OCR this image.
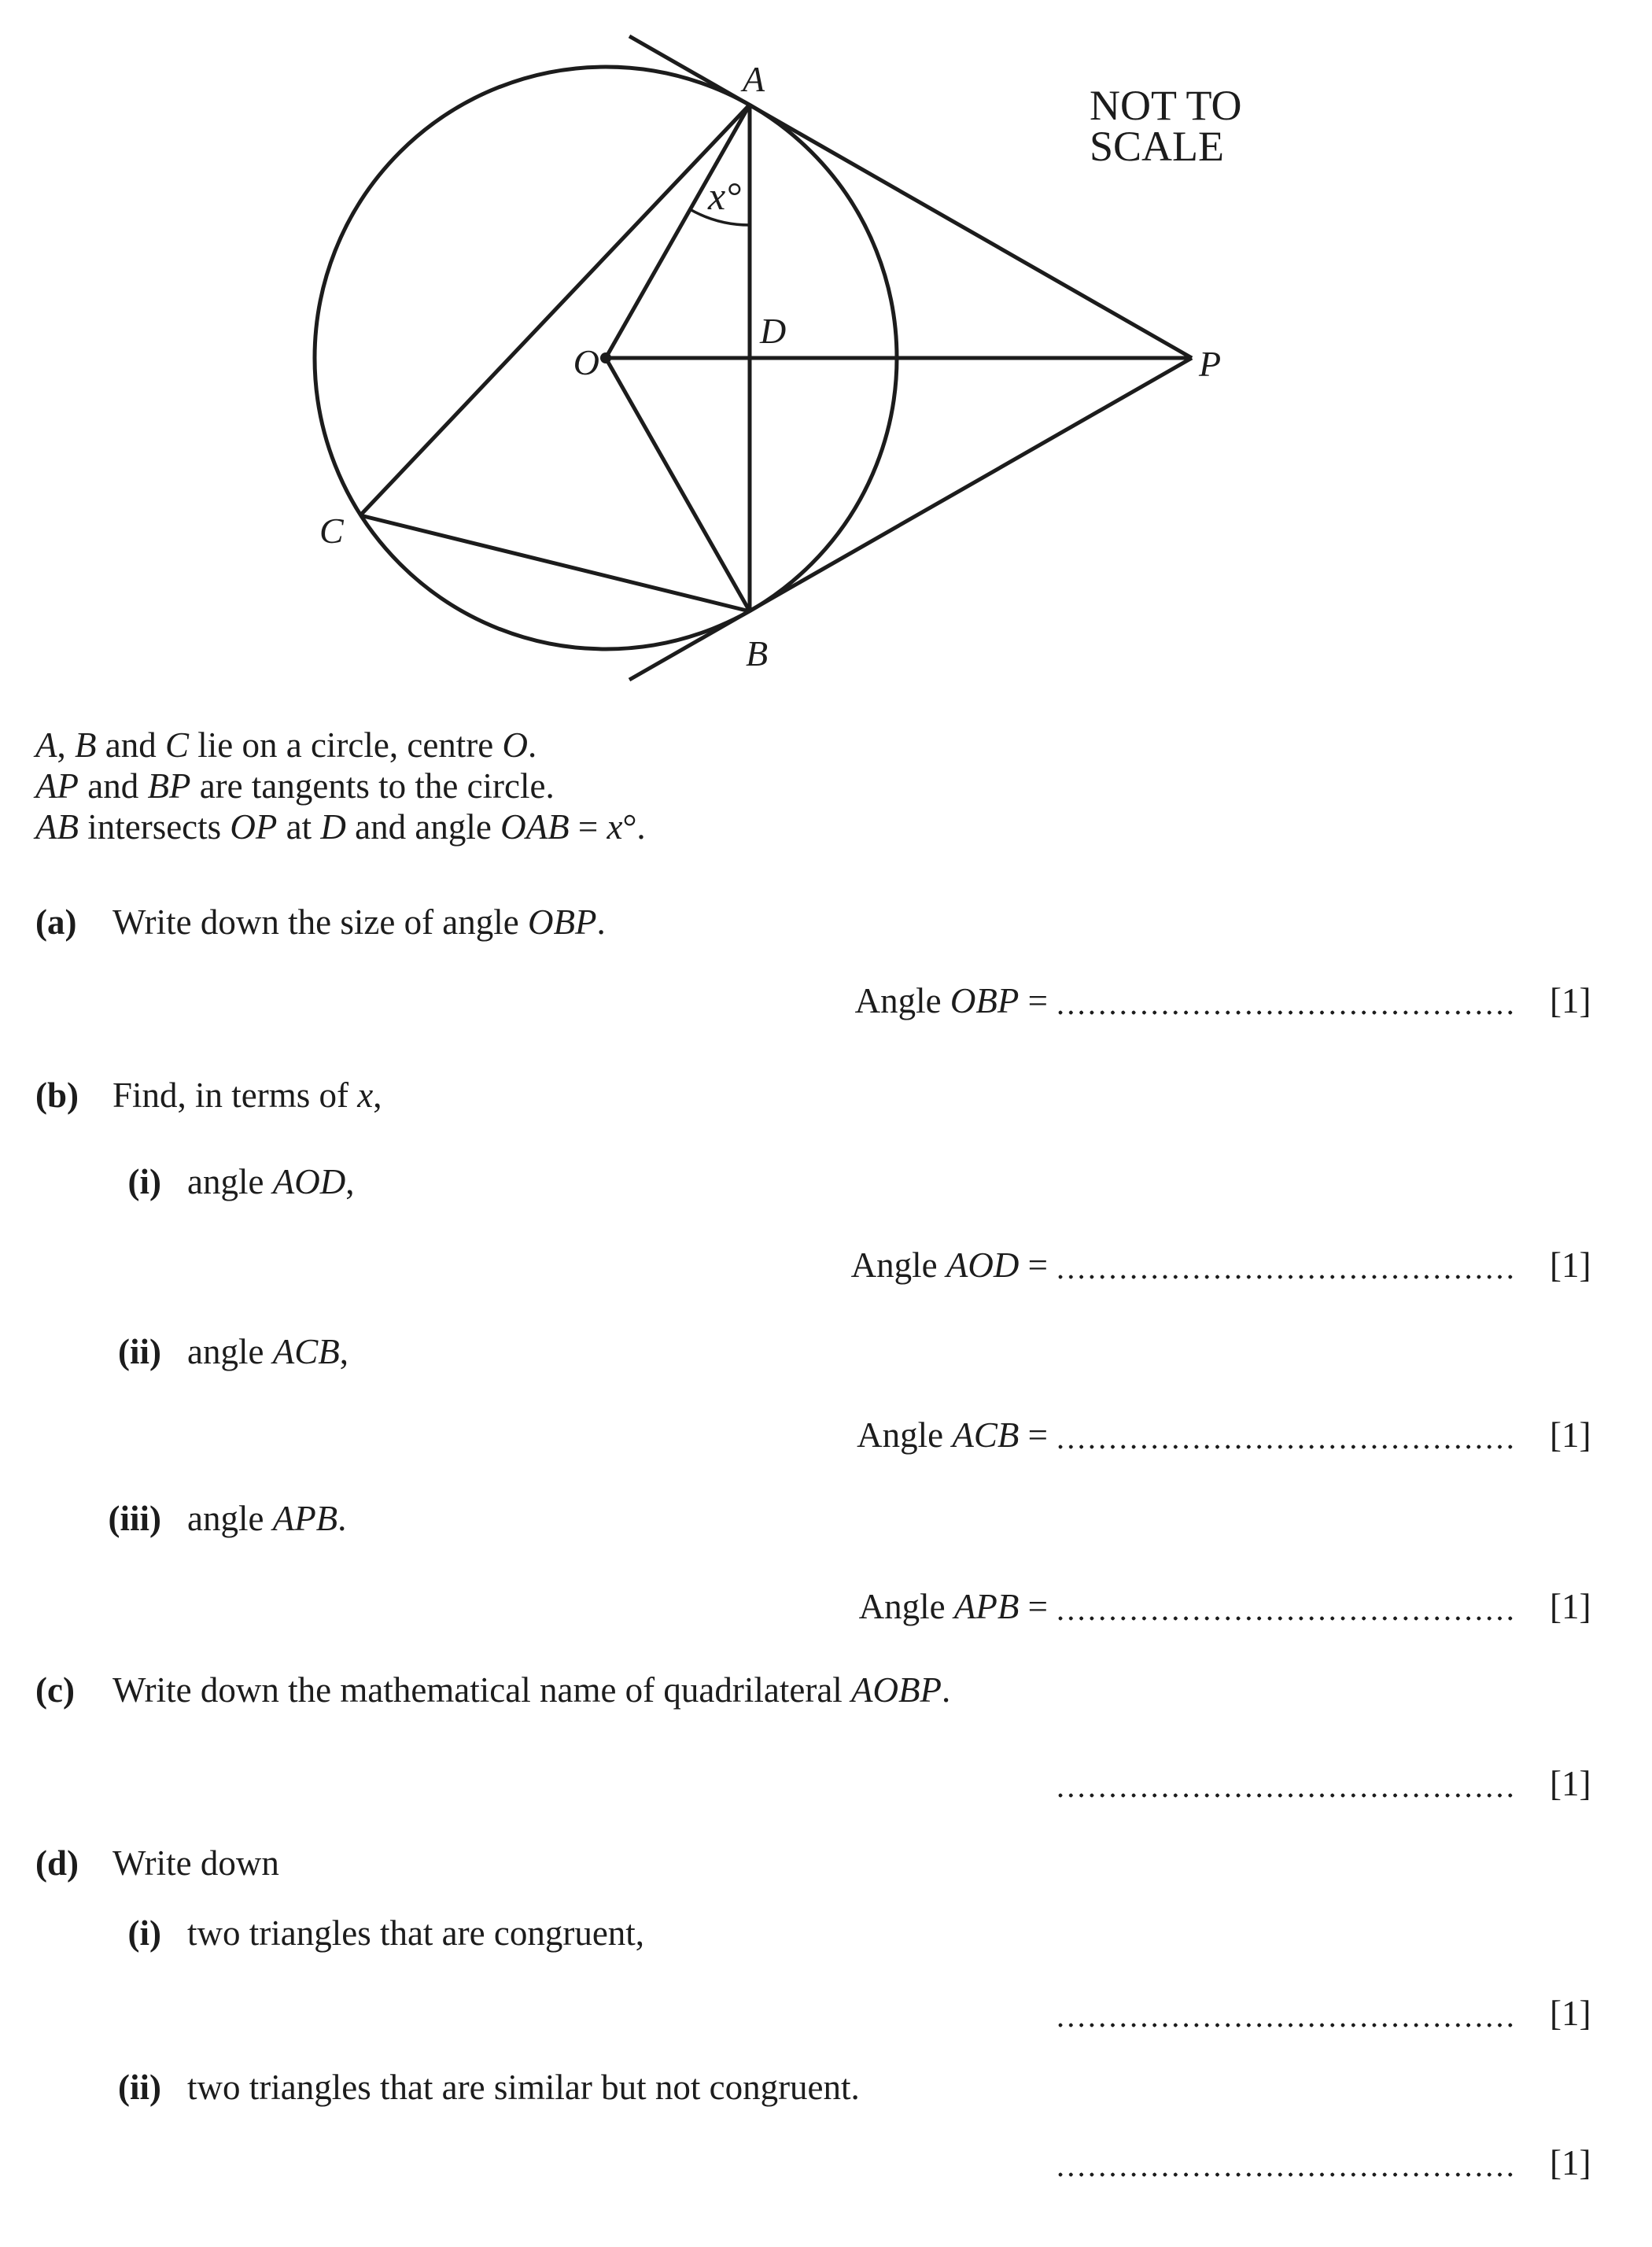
A
B
C
O
D
P
x°
NOT TO
SCALE
A, B and C lie on a circle, centre O.
AP and BP are tangents to the circle.
AB intersects OP at D and angle OAB = x°.
(a) Write down the size of angle OBP.
Angle OBP =	[1]
(b) Find, in terms of x,
(i) angle AOD,
Angle AOD =	[1]
(ii) angle ACB,
Angle ACB =	[1]
(iii) angle APB.
Angle APB =	[1]
(c) Write down the mathematical name of quadrilateral AOBP.
[1]
(d) Write down
(i) two triangles that are congruent,
[1]
(ii) two triangles that are similar but not congruent.
[1]
